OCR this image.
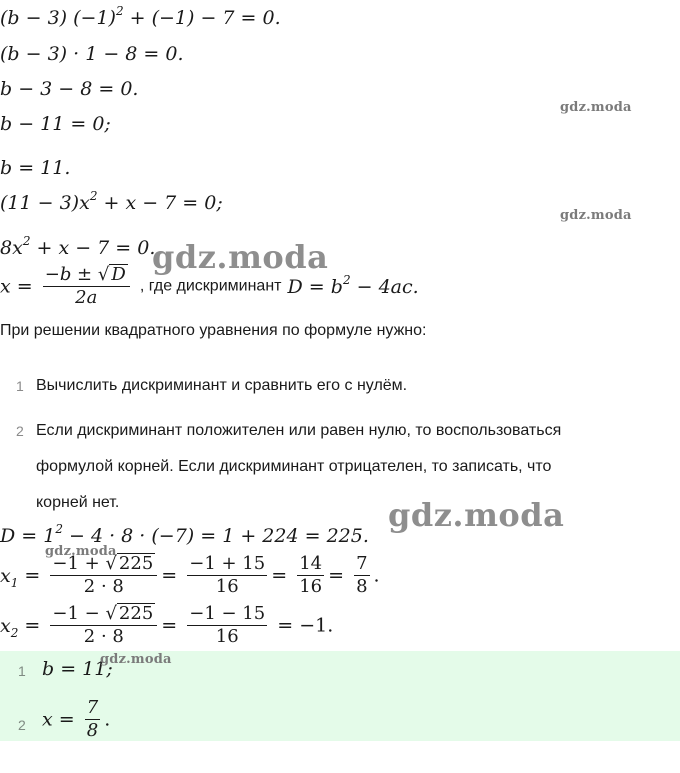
(b − 3) $(-1)^2 + (-1) - 7 = 0$.
(b − 3) · 1 − 8 = 0.
b − 3 − 8 = 0.
b − 11 = 0;
b = 11.
$(11 - 3)x^2 + x - 7 = 0$;
$8x^2 + x - 7 = 0$.
$x = \frac{-b \pm √ D}{2a}$ , где дискриминант $D = b^2 - 4ac$.
При решении квадратного уравнения по формуле нужно:
1 Вычислить дискриминант и сравнить его с нулём.
2 Если дискриминант положителен или равен нулю, то воспользоваться
формулой корней. Если дискриминант отрицателен, то записать, что
корней нет.
$D = 1^2 - 4 \cdot 8 \cdot (-7) = 1 + 224 = 225$.
$x_1 = \frac{-1 + √ 225}{2 \cdot 8} = \frac{-1 + 15}{16} = \frac{14}{16} = \frac{7}{8}$ .
$x_2 = \frac{-1 - √ 225}{2 \cdot 8} = \frac{-1 - 15}{16} = -1$.
1 b = 11;
2 $x = \frac{7}{8}$ .
gdz.moda
gdz.moda
gdz.moda
gdz.moda
gdz.moda
gdz.moda
